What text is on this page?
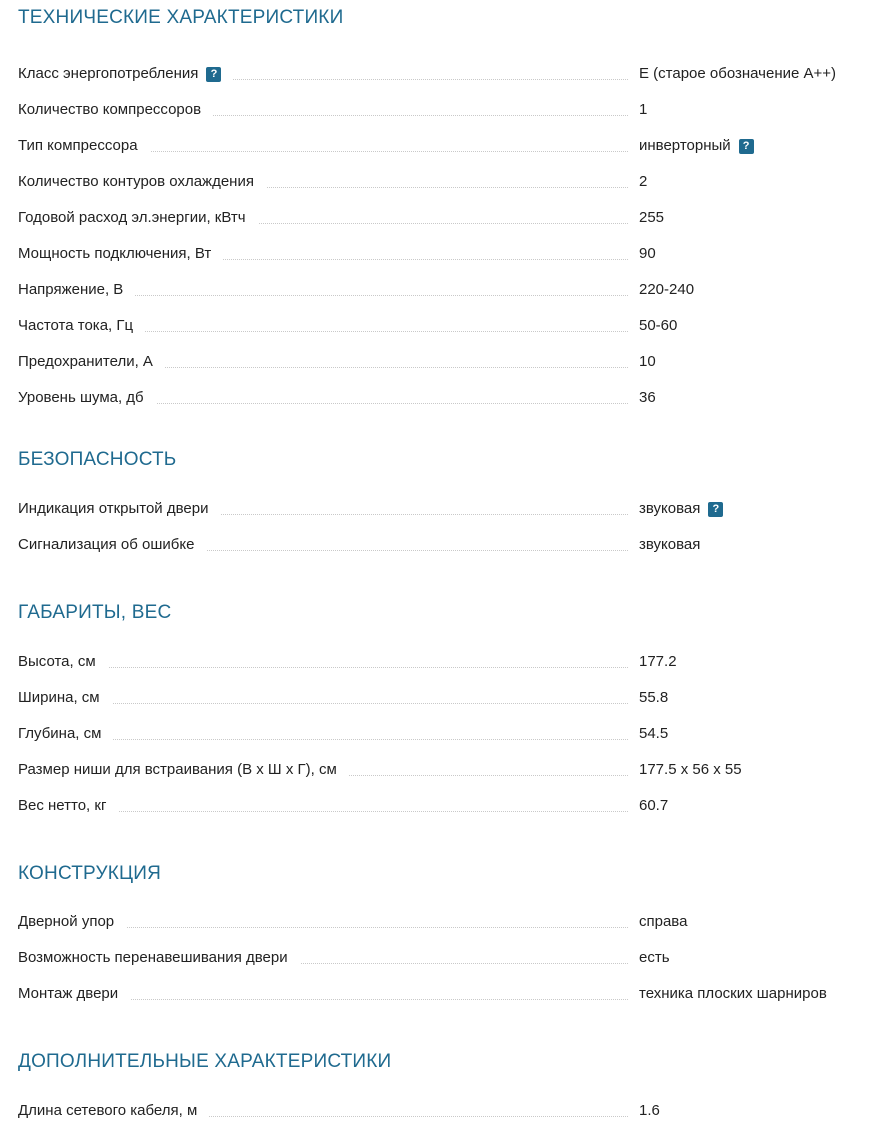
ТЕХНИЧЕСКИЕ ХАРАКТЕРИСТИКИ
Класс энергопотребления ?	E (старое обозначение A++)
Количество компрессоров	1
Тип компрессора	инверторный ?
Количество контуров охлаждения	2
Годовой расход эл.энергии, кВтч	255
Мощность подключения, Вт	90
Напряжение, В	220-240
Частота тока, Гц	50-60
Предохранители, А	10
Уровень шума, дб	36
БЕЗОПАСНОСТЬ
Индикация открытой двери	звуковая ?
Сигнализация об ошибке	звуковая
ГАБАРИТЫ, ВЕС
Высота, см	177.2
Ширина, см	55.8
Глубина, см	54.5
Размер ниши для встраивания (В х Ш х Г), см	177.5 x 56 x 55
Вес нетто, кг	60.7
КОНСТРУКЦИЯ
Дверной упор	справа
Возможность перенавешивания двери	есть
Монтаж двери	техника плоских шарниров
ДОПОЛНИТЕЛЬНЫЕ ХАРАКТЕРИСТИКИ
Длина сетевого кабеля, м	1.6
